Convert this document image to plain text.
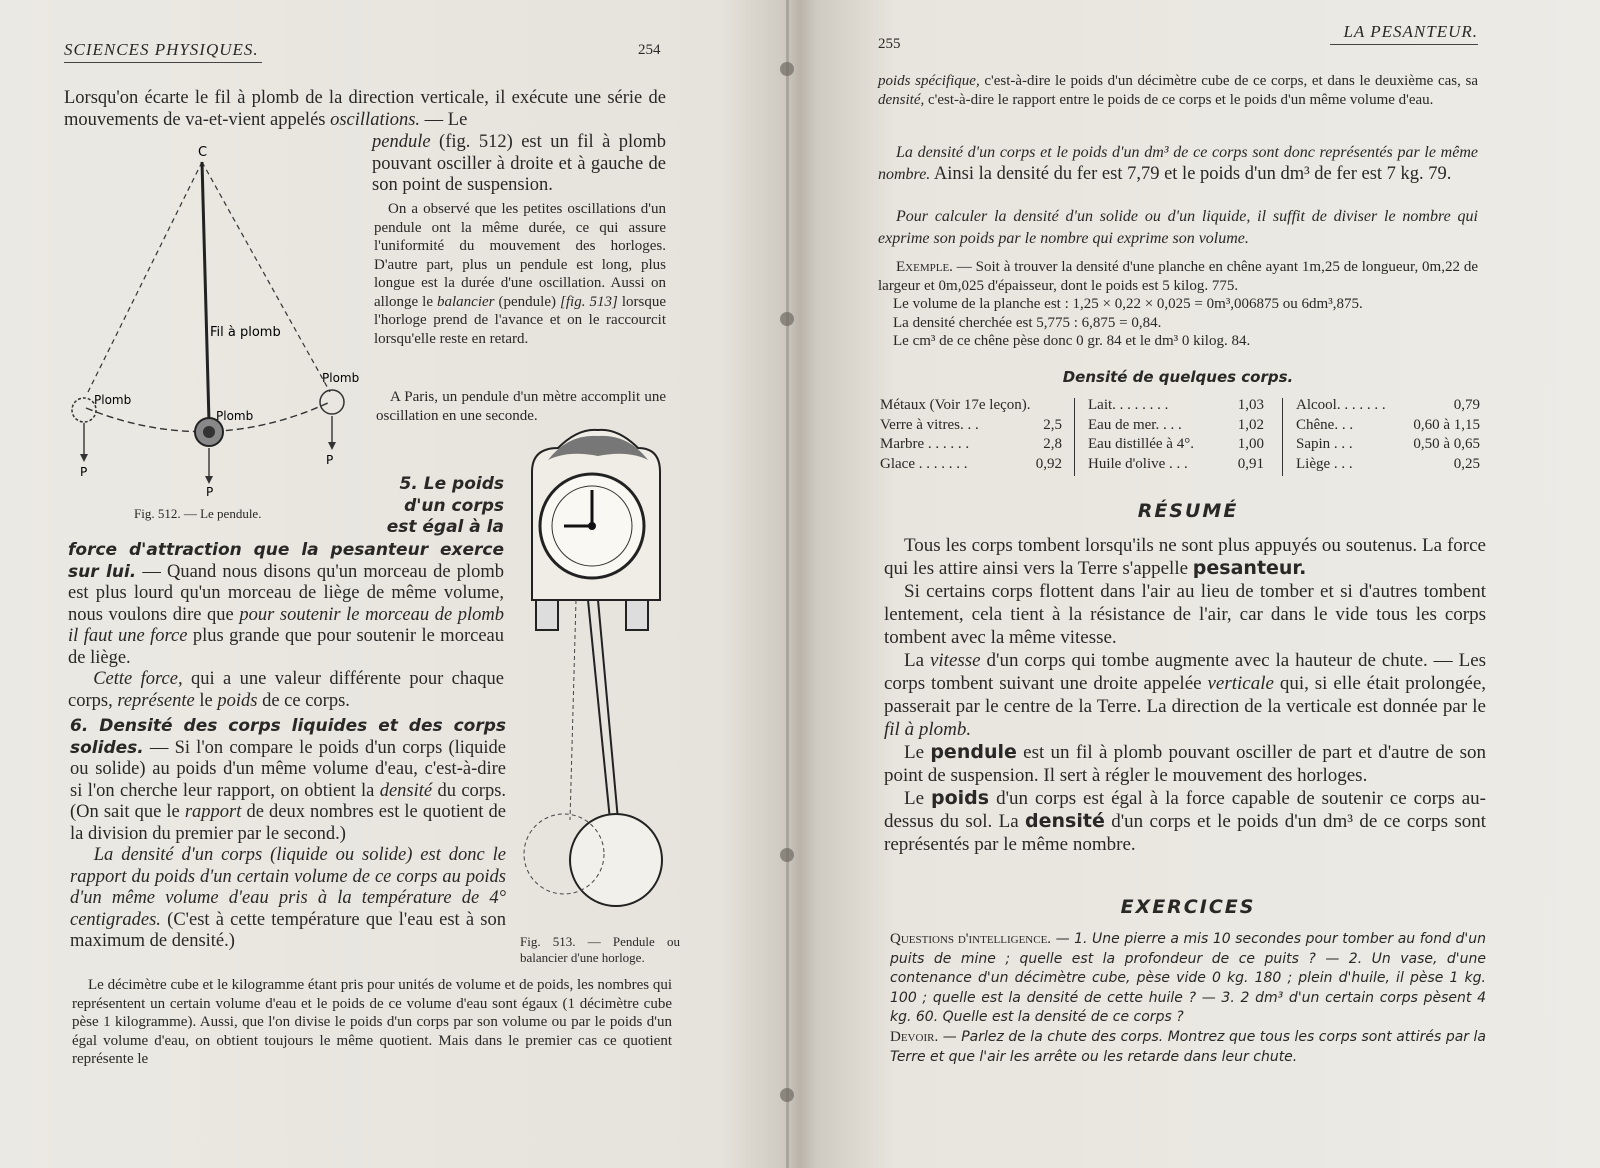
SCIENCES PHYSIQUES.	254

Lorsqu'on écarte le fil à plomb de la direction verticale, il exécute une série de mouvements de va-et-vient appelés oscillations. — Le

pendule (fig. 512) est un fil à plomb pouvant osciller à droite et à gauche de son point de suspension.

On a observé que les petites oscillations d'un pendule ont la même durée, ce qui assure l'uniformité du mouvement des horloges. D'autre part, plus un pendule est long, plus longue est la durée d'une oscillation. Aussi on allonge le balancier (pendule) [fig. 513] lorsque l'horloge prend de l'avance et on le raccourcit lorsqu'elle reste en retard.

A Paris, un pendule d'un mètre accomplit une oscillation en une seconde.

C
Fil à plomb
Plomb
Plomb
Plomb
P
P
P
Fig. 512. — Le pendule.
5. Le poids
d'un corps
est égal à la

force d'attraction que la pesanteur exerce sur lui. — Quand nous disons qu'un morceau de plomb est plus lourd qu'un morceau de liège de même volume, nous voulons dire que pour soutenir le morceau de plomb il faut une force plus grande que pour soutenir le morceau de liège.
Cette force, qui a une valeur différente pour chaque corps, représente le poids de ce corps.

6. Densité des corps liquides et des corps solides. — Si l'on compare le poids d'un corps (liquide ou solide) au poids d'un même volume d'eau, c'est-à-dire si l'on cherche leur rapport, on obtient la densité du corps. (On sait que le rapport de deux nombres est le quotient de la division du premier par le second.)
La densité d'un corps (liquide ou solide) est donc le rapport du poids d'un certain volume de ce corps au poids d'un même volume d'eau pris à la température de 4° centigrades. (C'est à cette température que l'eau est à son maximum de densité.)

Le décimètre cube et le kilogramme étant pris pour unités de volume et de poids, les nombres qui représentent un certain volume d'eau et le poids de ce volume d'eau sont égaux (1 décimètre cube pèse 1 kilogramme). Aussi, que l'on divise le poids d'un corps par son volume ou par le poids d'un égal volume d'eau, on obtient toujours le même quotient. Mais dans le premier cas ce quotient représente le

Fig. 513. — Pendule ou balancier d'une horloge.
255
LA PESANTEUR.

poids spécifique, c'est-à-dire le poids d'un décimètre cube de ce corps, et dans le deuxième cas, sa densité, c'est-à-dire le rapport entre le poids de ce corps et le poids d'un même volume d'eau.

La densité d'un corps et le poids d'un dm³ de ce corps sont donc représentés par le même nombre. Ainsi la densité du fer est 7,79 et le poids d'un dm³ de fer est 7 kg. 79.

Pour calculer la densité d'un solide ou d'un liquide, il suffit de diviser le nombre qui exprime son poids par le nombre qui exprime son volume.

Exemple. — Soit à trouver la densité d'une planche en chêne ayant 1m,25 de longueur, 0m,22 de largeur et 0m,025 d'épaisseur, dont le poids est 5 kilog. 775.
Le volume de la planche est : 1,25 × 0,22 × 0,025 = 0m³,006875 ou 6dm³,875.
La densité cherchée est 5,775 : 6,875 = 0,84.
Le cm³ de ce chêne pèse donc 0 gr. 84 et le dm³ 0 kilog. 84.

Densité de quelques corps.
Métaux (Voir 17e leçon).
Verre à vitres. . .	2,5
Marbre . . . . . .	2,8
Glace . . . . . . .	0,92
Lait. . . . . . . .	1,03
Eau de mer. . . .	1,02
Eau distillée à 4°.	1,00
Huile d'olive . . .	0,91
Alcool. . . . . . .	0,79
Chêne. . .	0,60 à 1,15
Sapin . . .	0,50 à 0,65
Liège . . .	0,25
RÉSUMÉ
Tous les corps tombent lorsqu'ils ne sont plus appuyés ou soutenus. La force qui les attire ainsi vers la Terre s'appelle pesanteur.
Si certains corps flottent dans l'air au lieu de tomber et si d'autres tombent lentement, cela tient à la résistance de l'air, car dans le vide tous les corps tombent avec la même vitesse.
La vitesse d'un corps qui tombe augmente avec la hauteur de chute. — Les corps tombent suivant une droite appelée verticale qui, si elle était prolongée, passerait par le centre de la Terre. La direction de la verticale est donnée par le fil à plomb.
Le pendule est un fil à plomb pouvant osciller de part et d'autre de son point de suspension. Il sert à régler le mouvement des horloges.
Le poids d'un corps est égal à la force capable de soutenir ce corps au-dessus du sol. La densité d'un corps et le poids d'un dm³ de ce corps sont représentés par le même nombre.
EXERCICES

Questions d'intelligence. — 1. Une pierre a mis 10 secondes pour tomber au fond d'un puits de mine ; quelle est la profondeur de ce puits ? — 2. Un vase, d'une contenance d'un décimètre cube, pèse vide 0 kg. 180 ; plein d'huile, il pèse 1 kg. 100 ; quelle est la densité de cette huile ? — 3. 2 dm³ d'un certain corps pèsent 4 kg. 60. Quelle est la densité de ce corps ?

Devoir. — Parlez de la chute des corps. Montrez que tous les corps sont attirés par la Terre et que l'air les arrête ou les retarde dans leur chute.
